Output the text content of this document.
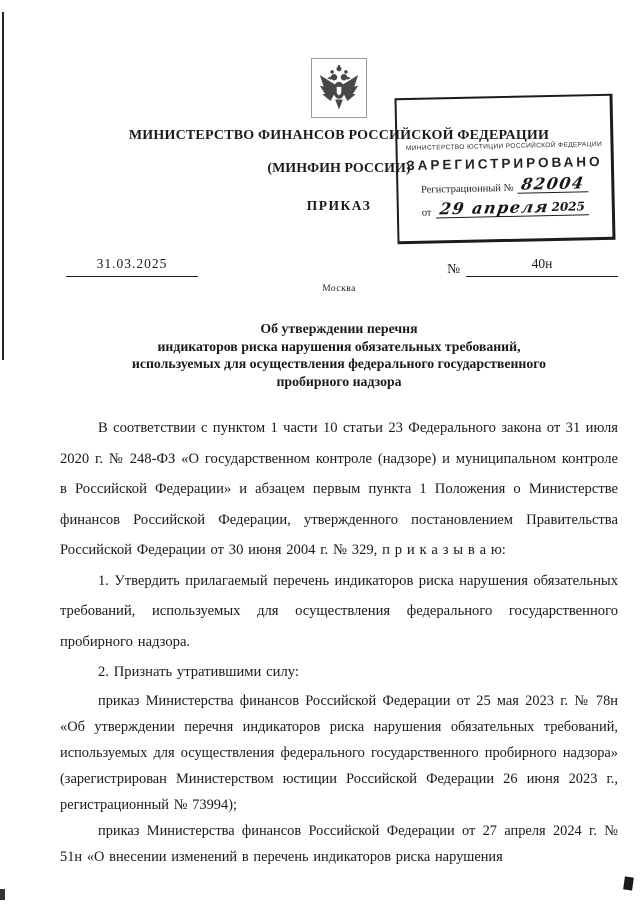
МИНИСТЕРСТВО ФИНАНСОВ РОССИЙСКОЙ ФЕДЕРАЦИИ
(МИНФИН РОССИИ)
ПРИКАЗ
31.03.2025	№	40н
Москва
Об утверждении перечня
индикаторов риска нарушения обязательных требований,
используемых для осуществления федерального государственного
пробирного надзора

В соответствии с пунктом 1 части 10 статьи 23 Федерального закона от 31 июля 2020 г. № 248-ФЗ «О государственном контроле (надзоре) и муниципальном контроле в Российской Федерации» и абзацем первым пункта 1 Положения о Министерстве финансов Российской Федерации, утвержденного постановлением Правительства Российской Федерации от 30 июня 2004 г. № 329, п р и к а з ы в а ю:

1. Утвердить прилагаемый перечень индикаторов риска нарушения обязательных требований, используемых для осуществления федерального государственного пробирного надзора.

2. Признать утратившими силу:

приказ Министерства финансов Российской Федерации от 25 мая 2023 г. № 78н «Об утверждении перечня индикаторов риска нарушения обязательных требований, используемых для осуществления федерального государственного пробирного надзора» (зарегистрирован Министерством юстиции Российской Федерации 26 июня 2023 г., регистрационный № 73994);

приказ Министерства финансов Российской Федерации от 27 апреля 2024 г. № 51н «О внесении изменений в перечень индикаторов риска нарушения

МИНИСТЕРСТВО ЮСТИЦИИ РОССИЙСКОЙ ФЕДЕРАЦИИ
ЗАРЕГИСТРИРОВАНО
Регистрационный № 82004
от 29 апреля 2025
